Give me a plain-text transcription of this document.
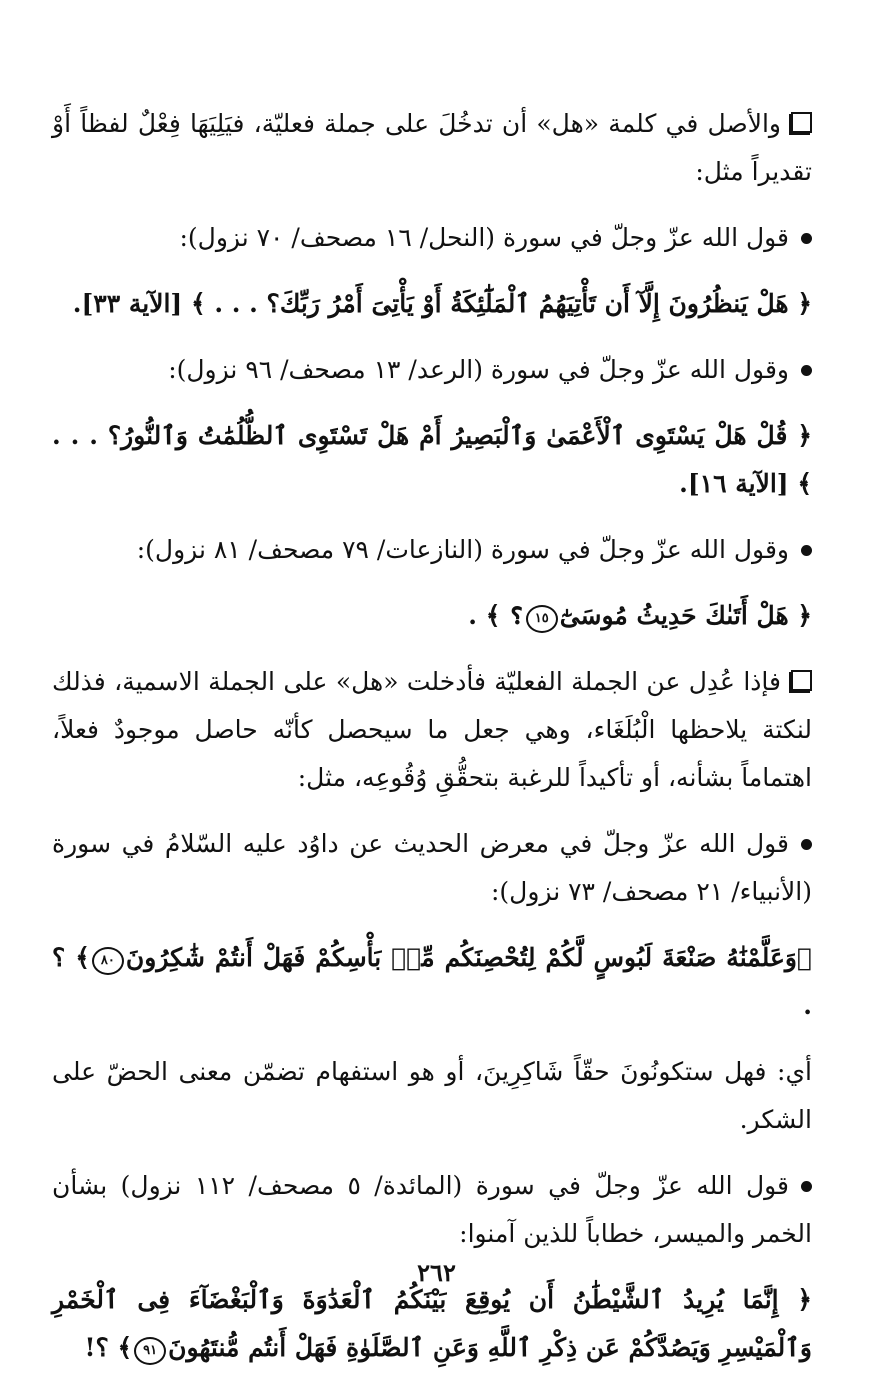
والأصل في كلمة «هل» أن تدخُلَ على جملة فعليّة، فيَلِيَهَا فِعْلٌ لفظاً أَوْ تقديراً مثل:

قول الله عزّ وجلّ في سورة (النحل/ ١٦ مصحف/ ٧٠ نزول):

﴿ هَلْ يَنظُرُونَ إِلَّآ أَن تَأْتِيَهُمُ ٱلْمَلَٰٓئِكَةُ أَوْ يَأْتِىَ أَمْرُ رَبِّكَ؟ . . . ﴾ [الآية ٣٣].

وقول الله عزّ وجلّ في سورة (الرعد/ ١٣ مصحف/ ٩٦ نزول):

﴿ قُلْ هَلْ يَسْتَوِى ٱلْأَعْمَىٰ وَٱلْبَصِيرُ أَمْ هَلْ تَسْتَوِى ٱلظُّلُمَٰتُ وَٱلنُّورُ؟ . . . ﴾ [الآية ١٦].

وقول الله عزّ وجلّ في سورة (النازعات/ ٧٩ مصحف/ ٨١ نزول):

﴿ هَلْ أَتَىٰكَ حَدِيثُ مُوسَىٰٓ١٥؟ ﴾ .

فإذا عُدِل عن الجملة الفعليّة فأدخلت «هل» على الجملة الاسمية، فذلك لنكتة يلاحظها الْبُلَغَاء، وهي جعل ما سيحصل كأنّه حاصل موجودٌ فعلاً، اهتماماً بشأنه، أو تأكيداً للرغبة بتحقُّقِ وُقُوعِه، مثل:

قول الله عزّ وجلّ في معرض الحديث عن داوُد عليه السّلامُ في سورة (الأنبياء/ ٢١ مصحف/ ٧٣ نزول):

﴿وَعَلَّمْنَٰهُ صَنْعَةَ لَبُوسٍ لَّكُمْ لِتُحْصِنَكُم مِّنۢ بَأْسِكُمْ فَهَلْ أَنتُمْ شَٰكِرُونَ٨٠﴾ ؟ .

أي: فهل ستكونُونَ حقّاً شَاكِرِينَ، أو هو استفهام تضمّن معنى الحضّ على الشكر.

قول الله عزّ وجلّ في سورة (المائدة/ ٥ مصحف/ ١١٢ نزول) بشأن الخمر والميسر، خطاباً للذين آمنوا:

﴿ إِنَّمَا يُرِيدُ ٱلشَّيْطَٰنُ أَن يُوقِعَ بَيْنَكُمُ ٱلْعَدَٰوَةَ وَٱلْبَغْضَآءَ فِى ٱلْخَمْرِ وَٱلْمَيْسِرِ وَيَصُدَّكُمْ عَن ذِكْرِ ٱللَّهِ وَعَنِ ٱلصَّلَوٰةِ فَهَلْ أَنتُم مُّنتَهُونَ٩١﴾ ؟!

٢٦٢
